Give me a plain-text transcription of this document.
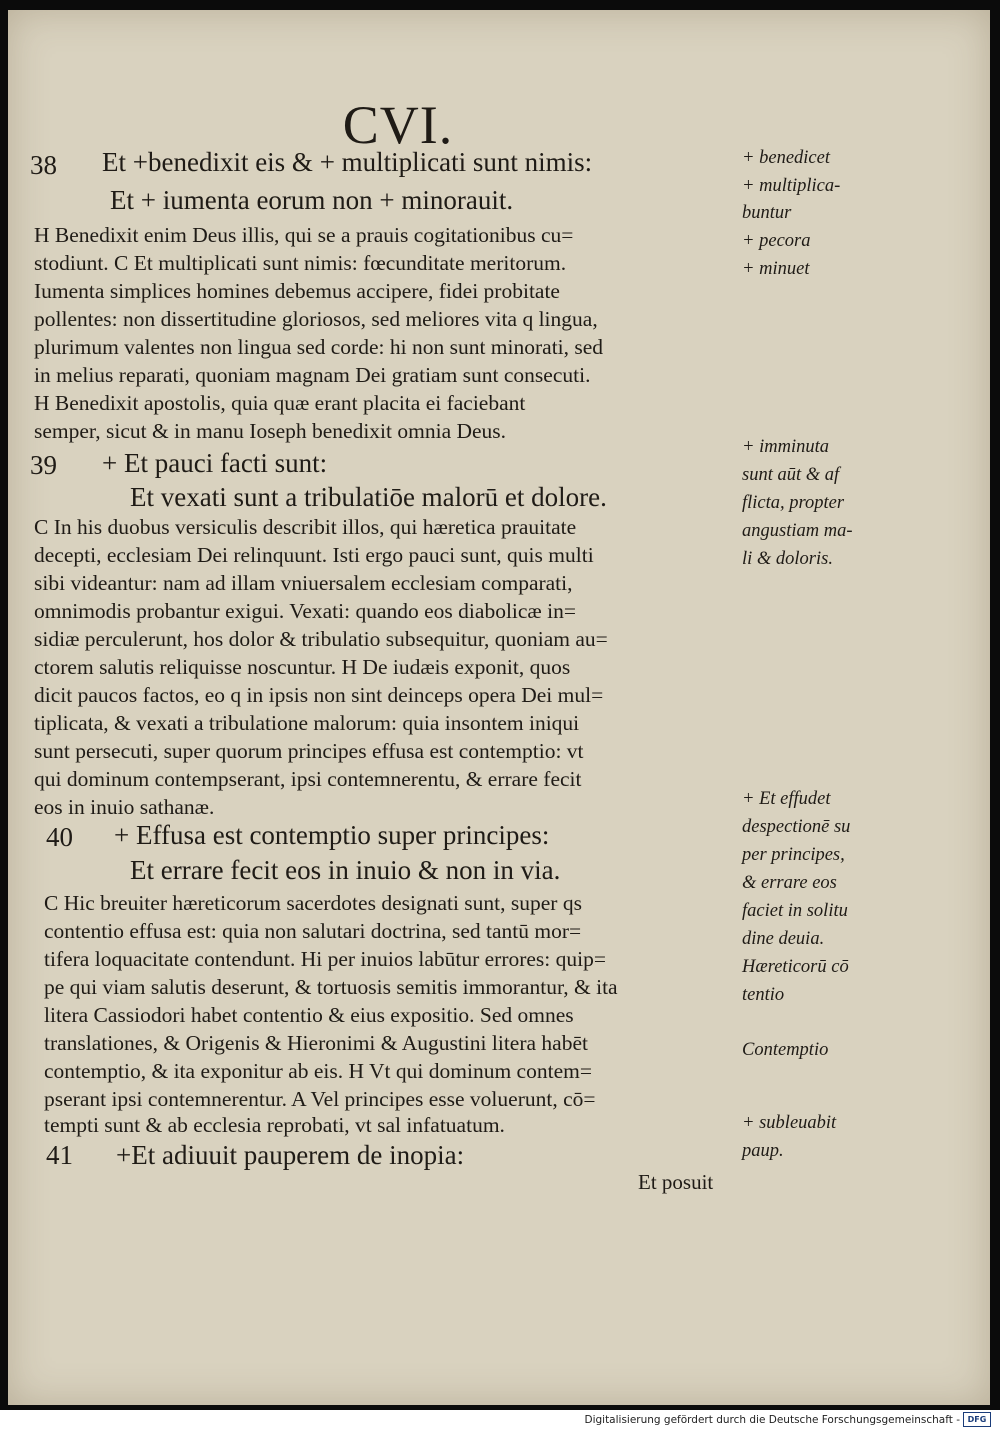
CVI.
38
39
40
41
Et +benedixit eis & + multiplicati sunt nimis:
Et + iumenta eorum non + minorauit.
H Benedixit enim Deus illis, qui se a prauis cogitationibus cu=
stodiunt. C Et multiplicati sunt nimis: fœcunditate meritorum.
Iumenta simplices homines debemus accipere, fidei probitate
pollentes: non dissertitudine gloriosos, sed meliores vita q lingua,
plurimum valentes non lingua sed corde: hi non sunt minorati, sed
in melius reparati, quoniam magnam Dei gratiam sunt consecuti.
H Benedixit apostolis, quia quæ erant placita ei faciebant
semper, sicut & in manu Ioseph benedixit omnia Deus.
+ Et pauci facti sunt:
Et vexati sunt a tribulatiōe malorū et dolore.
C In his duobus versiculis describit illos, qui hæretica prauitate
decepti, ecclesiam Dei relinquunt. Isti ergo pauci sunt, quis multi
sibi videantur: nam ad illam vniuersalem ecclesiam comparati,
omnimodis probantur exigui. Vexati: quando eos diabolicæ in=
sidiæ perculerunt, hos dolor & tribulatio subsequitur, quoniam au=
ctorem salutis reliquisse noscuntur. H De iudæis exponit, quos
dicit paucos factos, eo q in ipsis non sint deinceps opera Dei mul=
tiplicata, & vexati a tribulatione malorum: quia insontem iniqui
sunt persecuti, super quorum principes effusa est contemptio: vt
qui dominum contempserant, ipsi contemnerentu, & errare fecit
eos in inuio sathanæ.
+ Effusa est contemptio super principes:
Et errare fecit eos in inuio & non in via.
C Hic breuiter hæreticorum sacerdotes designati sunt, super qs
contentio effusa est: quia non salutari doctrina, sed tantū mor=
tifera loquacitate contendunt. Hi per inuios labūtur errores: quip=
pe qui viam salutis deserunt, & tortuosis semitis immorantur, & ita
litera Cassiodori habet contentio & eius expositio. Sed omnes
translationes, & Origenis & Hieronimi & Augustini litera habēt
contemptio, & ita exponitur ab eis. H Vt qui dominum contem=
pserant ipsi contemnerentur. A Vel principes esse voluerunt, cō=
tempti sunt & ab ecclesia reprobati, vt sal infatuatum.
+Et adiuuit pauperem de inopia:
+ benedicet
+ multiplica-
buntur
+ pecora
+ minuet
+ imminuta
sunt aūt & af
flicta, propter
angustiam ma-
li & doloris.
+ Et effudet
despectionē su
per principes,
& errare eos
faciet in solitu
dine deuia.
Hæreticorū cō
tentio
Contemptio
+ subleuabit
paup.
Et posuit
Digitalisierung gefördert durch die Deutsche Forschungsgemeinschaft - DFG
